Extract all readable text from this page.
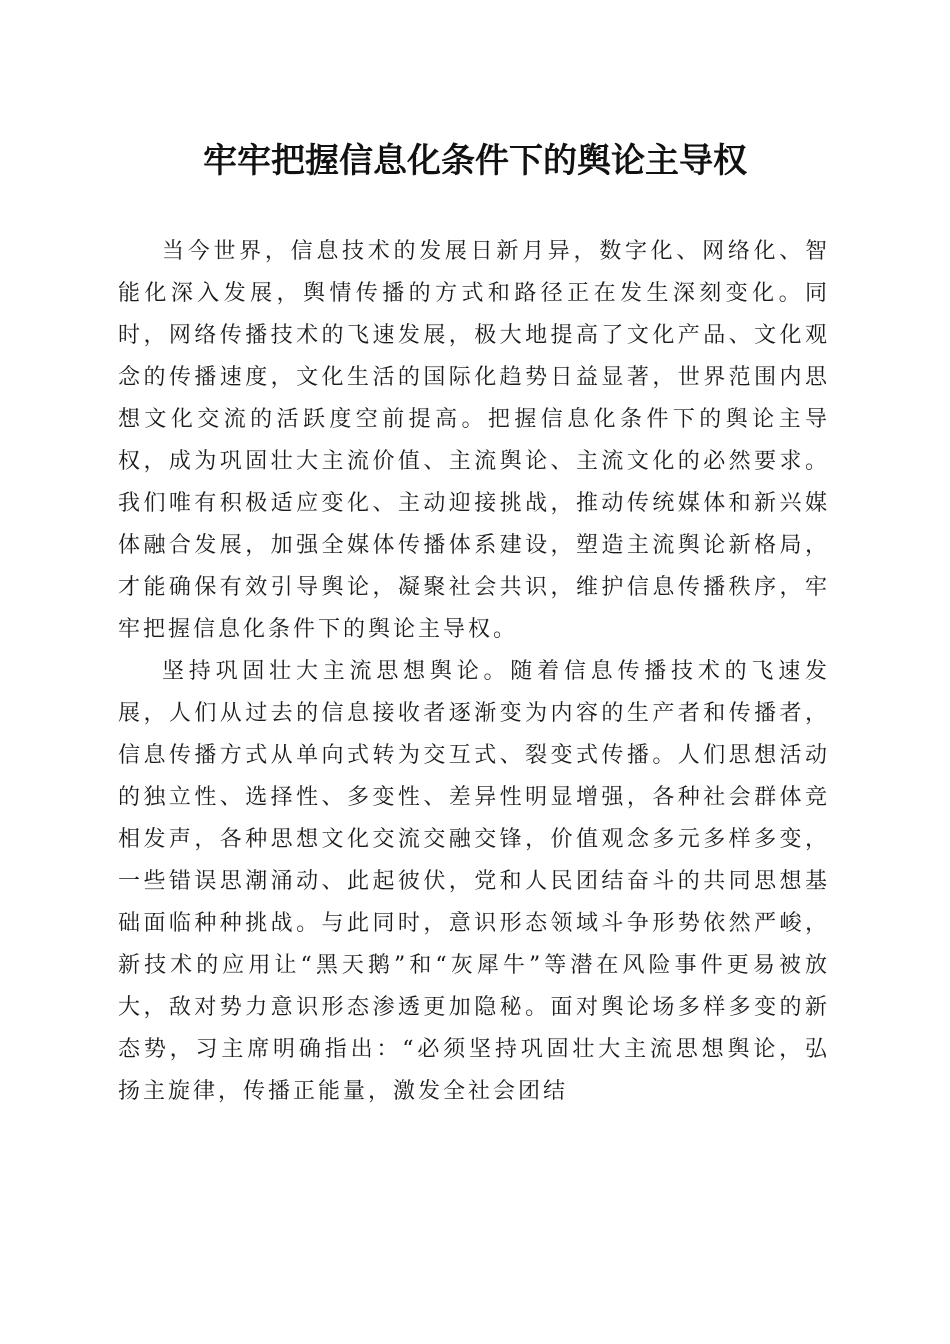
牢牢把握信息化条件下的舆论主导权

当今世界，信息技术的发展日新月异，数字化、网络化、智能化深入发展，舆情传播的方式和路径正在发生深刻变化。同时，网络传播技术的飞速发展，极大地提高了文化产品、文化观念的传播速度，文化生活的国际化趋势日益显著，世界范围内思想文化交流的活跃度空前提高。把握信息化条件下的舆论主导权，成为巩固壮大主流价值、主流舆论、主流文化的必然要求。我们唯有积极适应变化、主动迎接挑战，推动传统媒体和新兴媒体融合发展，加强全媒体传播体系建设，塑造主流舆论新格局，才能确保有效引导舆论，凝聚社会共识，维护信息传播秩序，牢牢把握信息化条件下的舆论主导权。

坚持巩固壮大主流思想舆论。随着信息传播技术的飞速发展，人们从过去的信息接收者逐渐变为内容的生产者和传播者，信息传播方式从单向式转为交互式、裂变式传播。人们思想活动的独立性、选择性、多变性、差异性明显增强，各种社会群体竞相发声，各种思想文化交流交融交锋，价值观念多元多样多变，一些错误思潮涌动、此起彼伏，党和人民团结奋斗的共同思想基础面临种种挑战。与此同时，意识形态领域斗争形势依然严峻，新技术的应用让“黑天鹅”和“灰犀牛”等潜在风险事件更易被放大，敌对势力意识形态渗透更加隐秘。面对舆论场多样多变的新态势，习主席明确指出：“必须坚持巩固壮大主流思想舆论，弘扬主旋律，传播正能量，激发全社会团结
